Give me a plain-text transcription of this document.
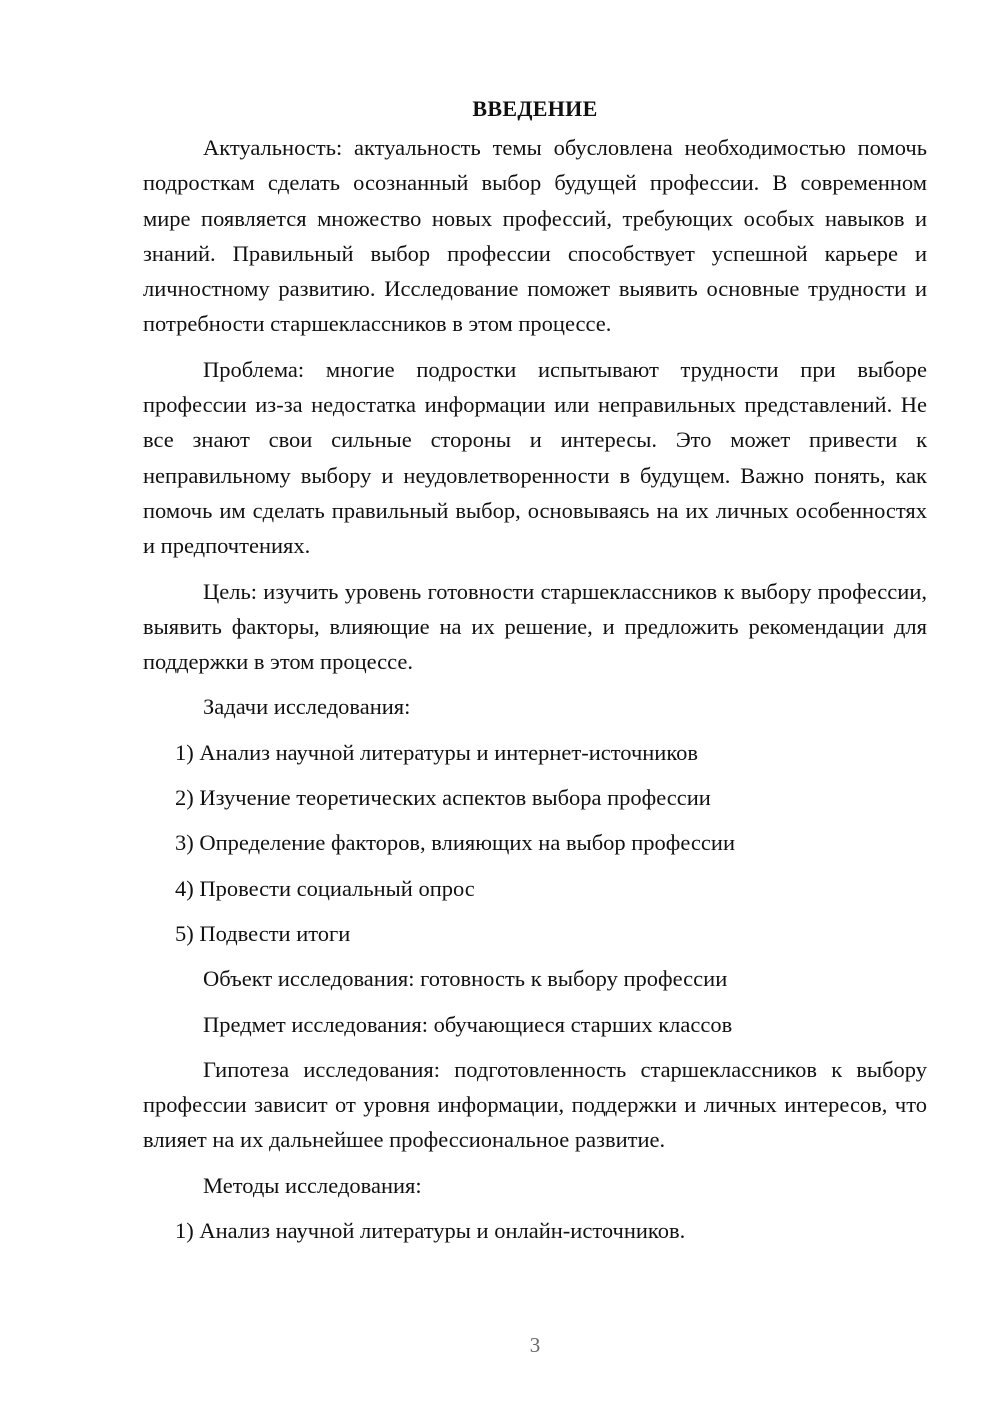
ВВЕДЕНИЕ

Актуальность: актуальность темы обусловлена необходимостью помочь подросткам сделать осознанный выбор будущей профессии. В современном мире появляется множество новых профессий, требующих особых навыков и знаний. Правильный выбор профессии способствует успешной карьере и личностному развитию. Исследование поможет выявить основные трудности и потребности старшеклассников в этом процессе.

Проблема: многие подростки испытывают трудности при выборе профессии из-за недостатка информации или неправильных представлений. Не все знают свои сильные стороны и интересы. Это может привести к неправильному выбору и неудовлетворенности в будущем. Важно понять, как помочь им сделать правильный выбор, основываясь на их личных особенностях и предпочтениях.

Цель: изучить уровень готовности старшеклассников к выбору профессии, выявить факторы, влияющие на их решение, и предложить рекомендации для поддержки в этом процессе.

Задачи исследования:

1) Анализ научной литературы и интернет-источников
2) Изучение теоретических аспектов выбора профессии
3) Определение факторов, влияющих на выбор профессии
4) Провести социальный опрос
5) Подвести итоги

Объект исследования: готовность к выбору профессии

Предмет исследования: обучающиеся старших классов

Гипотеза исследования: подготовленность старшеклассников к выбору профессии зависит от уровня информации, поддержки и личных интересов, что влияет на их дальнейшее профессиональное развитие.

Методы исследования:

1) Анализ научной литературы и онлайн-источников.
3
